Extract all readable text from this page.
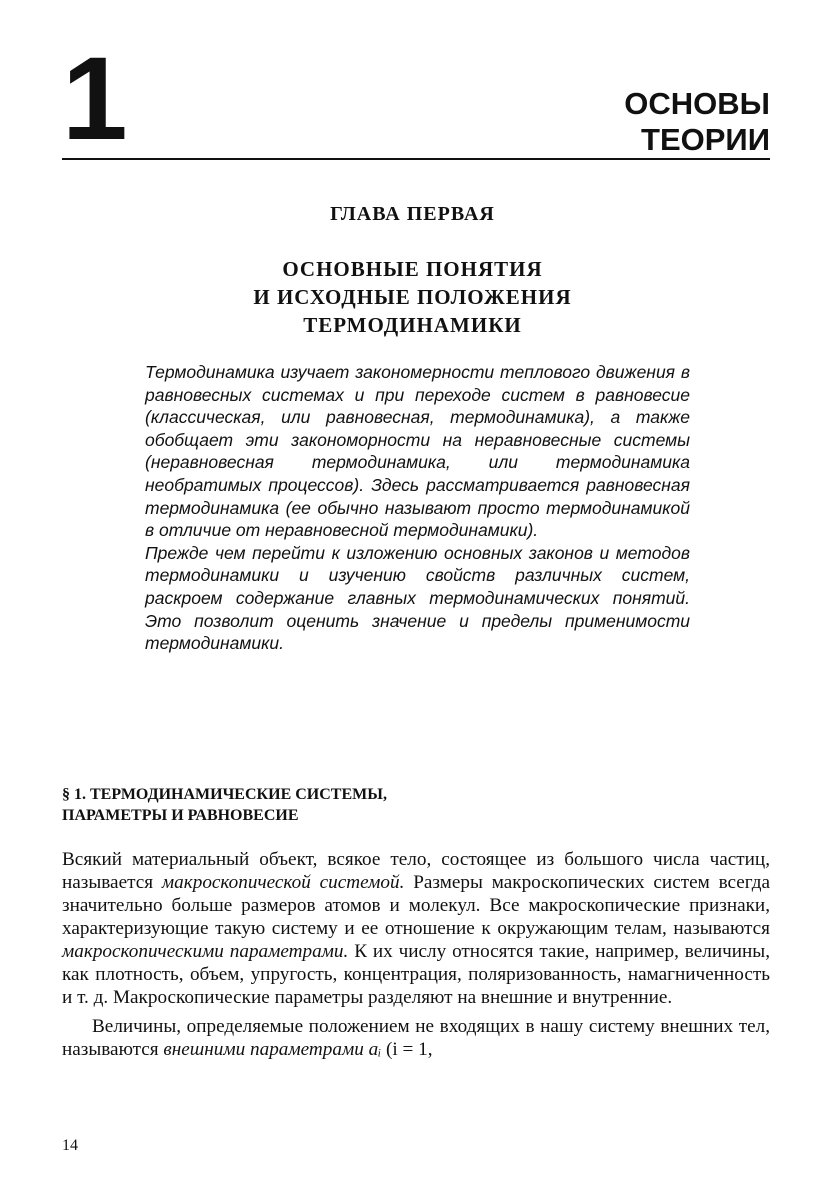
1	ОСНОВЫ
ТЕОРИИ
ГЛАВА ПЕРВАЯ
ОСНОВНЫЕ ПОНЯТИЯ
И ИСХОДНЫЕ ПОЛОЖЕНИЯ
ТЕРМОДИНАМИКИ

Термодинамика изучает закономерности теплового движения в равновесных системах и при переходе систем в равновесие (классическая, или равновесная, термодинамика), а также обобщает эти закономорности на неравновесные системы (неравновесная термодинамика, или термодинамика необратимых процессов). Здесь рассматривается равновесная термодинамика (ее обычно называют просто термодинамикой в отличие от неравновесной термодинамики).

Прежде чем перейти к изложению основных законов и методов термодинамики и изучению свойств различных систем, раскроем содержание главных термодинамических понятий. Это позволит оценить значение и пределы применимости термодинамики.

§ 1. ТЕРМОДИНАМИЧЕСКИЕ СИСТЕМЫ,
ПАРАМЕТРЫ И РАВНОВЕСИЕ

Всякий материальный объект, всякое тело, состоящее из большого числа частиц, называется макроскопической системой. Размеры макроскопических систем всегда значительно больше размеров атомов и молекул. Все макроскопические признаки, характеризующие такую систему и ее отношение к окружающим телам, называются макроскопическими параметрами. К их числу относятся такие, например, величины, как плотность, объем, упругость, концентрация, поляризованность, намагниченность и т. д. Макроскопические параметры разделяют на внешние и внутренние.

Величины, определяемые положением не входящих в нашу систему внешних тел, называются внешними параметрами aᵢ (i = 1,

14
